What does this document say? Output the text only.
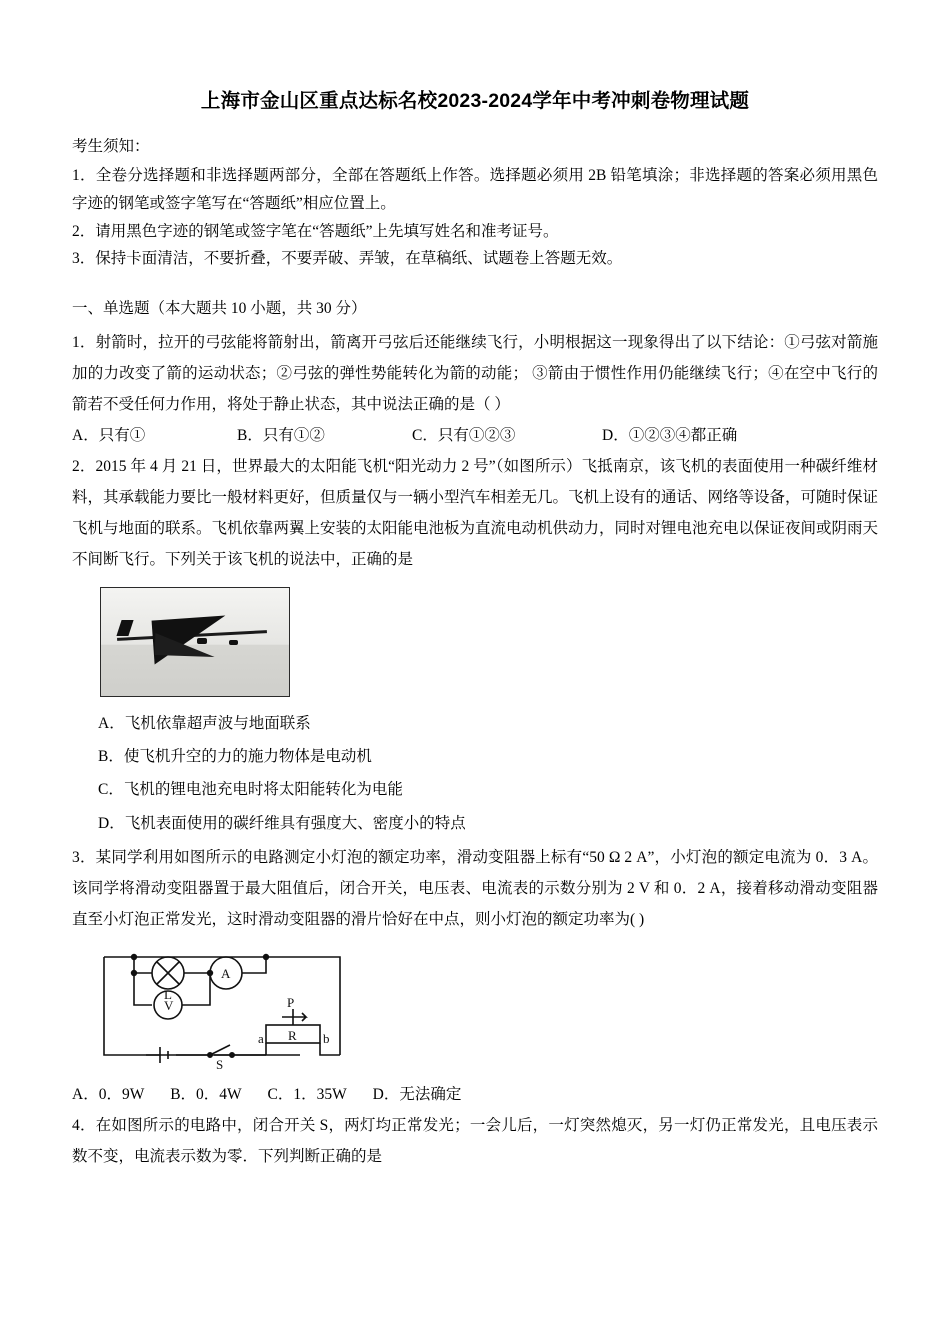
上海市金山区重点达标名校2023-2024学年中考冲刺卷物理试题

考生须知：

1．全卷分选择题和非选择题两部分，全部在答题纸上作答。选择题必须用 2B 铅笔填涂；非选择题的答案必须用黑色字迹的钢笔或签字笔写在“答题纸”相应位置上。

2．请用黑色字迹的钢笔或签字笔在“答题纸”上先填写姓名和准考证号。

3．保持卡面清洁，不要折叠，不要弄破、弄皱，在草稿纸、试题卷上答题无效。

一、单选题（本大题共 10 小题，共 30 分）

1．射箭时，拉开的弓弦能将箭射出，箭离开弓弦后还能继续飞行，小明根据这一现象得出了以下结论：①弓弦对箭施加的力改变了箭的运动状态；②弓弦的弹性势能转化为箭的动能； ③箭由于惯性作用仍能继续飞行；④在空中飞行的箭若不受任何力作用，将处于静止状态，其中说法正确的是（ ）

A．只有①	B．只有①②	C．只有①②③	D．①②③④都正确

2．2015 年 4 月 21 日，世界最大的太阳能飞机“阳光动力 2 号”（如图所示）飞抵南京，该飞机的表面使用一种碳纤维材料，其承载能力要比一般材料更好，但质量仅与一辆小型汽车相差无几。飞机上设有的通话、网络等设备，可随时保证飞机与地面的联系。飞机依靠两翼上安装的太阳能电池板为直流电动机供动力，同时对锂电池充电以保证夜间或阴雨天不间断飞行。下列关于该飞机的说法中，正确的是

A．飞机依靠超声波与地面联系

B．使飞机升空的力的施力物体是电动机

C．飞机的锂电池充电时将太阳能转化为电能

D．飞机表面使用的碳纤维具有强度大、密度小的特点

3．某同学利用如图所示的电路测定小灯泡的额定功率，滑动变阻器上标有“50 Ω 2 A”，小灯泡的额定电流为 0．3 A。该同学将滑动变阻器置于最大阻值后，闭合开关，电压表、电流表的示数分别为 2 V 和 0．2 A，接着移动滑动变阻器直至小灯泡正常发光，这时滑动变阻器的滑片恰好在中点，则小灯泡的额定功率为( )

L
A
V	P
R
a	b
S

A．0．9W B．0．4W C．1．35W D．无法确定

4．在如图所示的电路中，闭合开关 S，两灯均正常发光；一会儿后，一灯突然熄灭，另一灯仍正常发光，且电压表示数不变，电流表示数为零．下列判断正确的是
